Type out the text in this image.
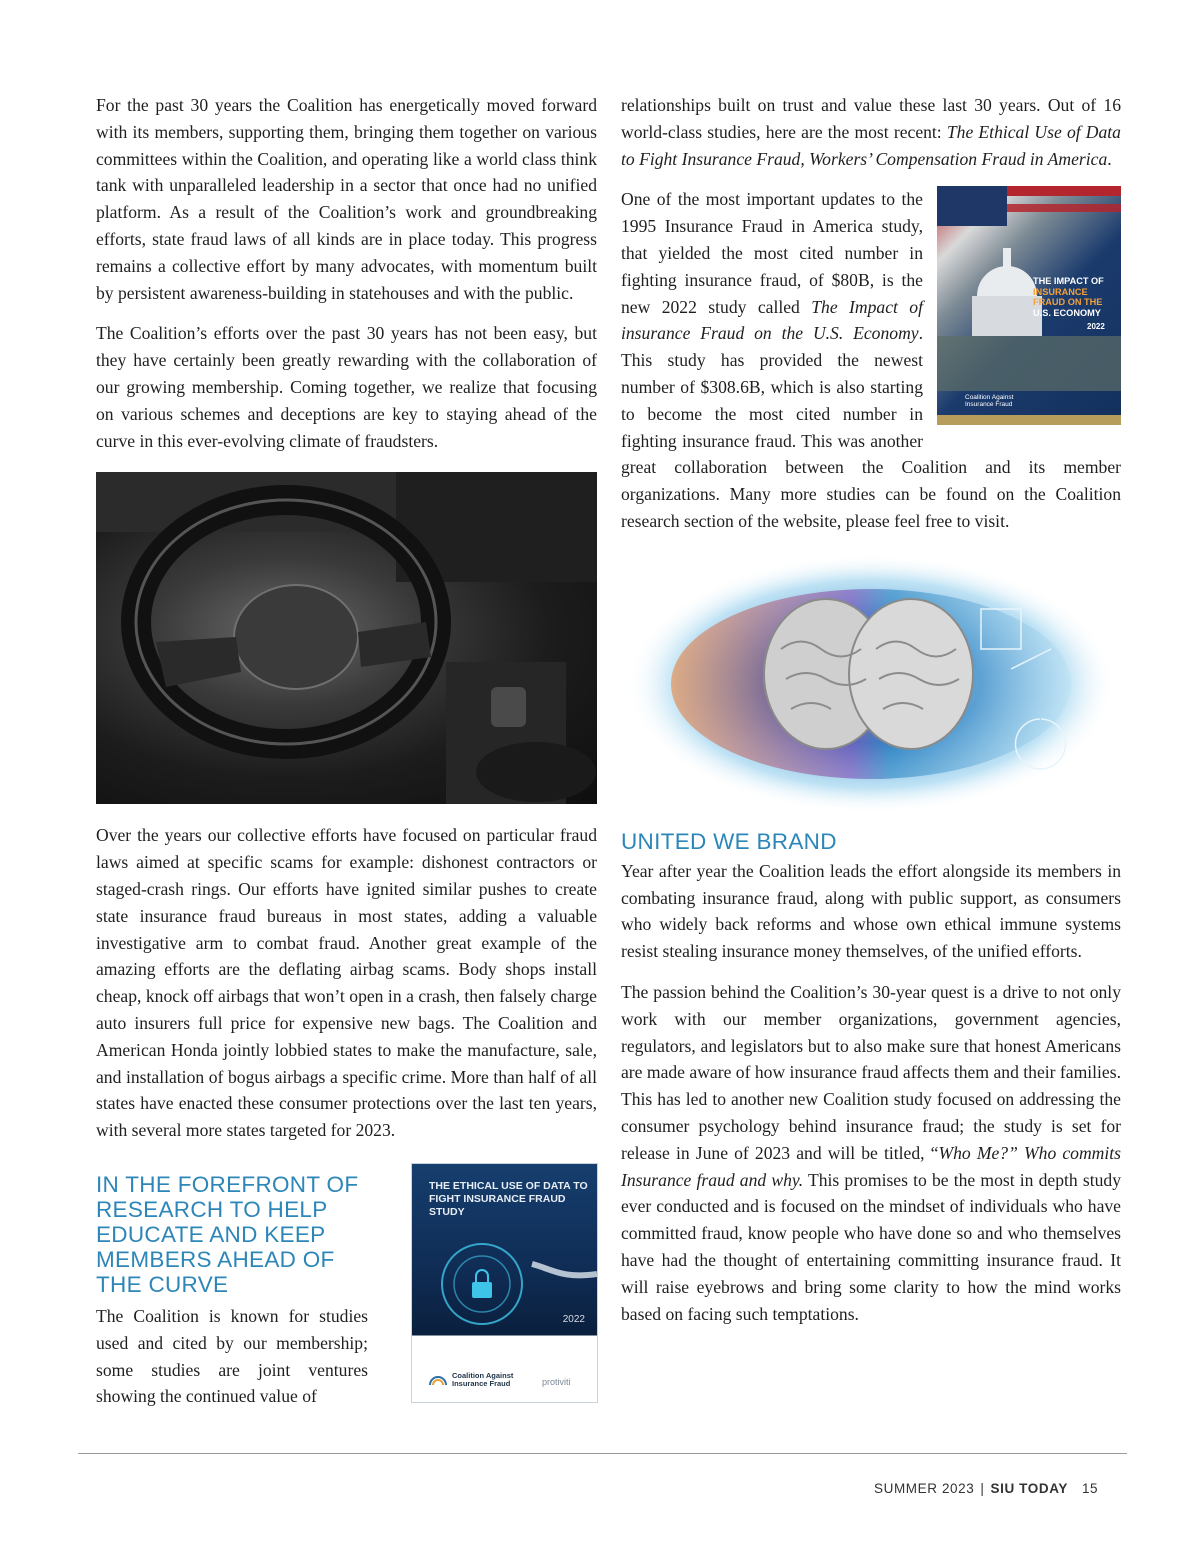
For the past 30 years the Coalition has energetically moved forward with its members, supporting them, bringing them together on various committees within the Coalition, and operating like a world class think tank with unparalleled leadership in a sector that once had no unified platform. As a result of the Coalition’s work and groundbreaking efforts, state fraud laws of all kinds are in place today. This progress remains a collective effort by many advocates, with momentum built by persistent awareness-building in statehouses and with the public.

The Coalition’s efforts over the past 30 years has not been easy, but they have certainly been greatly rewarding with the collaboration of our growing membership. Coming together, we realize that focusing on various schemes and deceptions are key to staying ahead of the curve in this ever-evolving climate of fraudsters.

Over the years our collective efforts have focused on particular fraud laws aimed at specific scams for example: dishonest contractors or staged-crash rings. Our efforts have ignited similar pushes to create state insurance fraud bureaus in most states, adding a valuable investigative arm to combat fraud. Another great example of the amazing efforts are the deflating airbag scams. Body shops install cheap, knock off airbags that won’t open in a crash, then falsely charge auto insurers full price for expensive new bags. The Coalition and American Honda jointly lobbied states to make the manufacture, sale, and installation of bogus airbags a specific crime. More than half of all states have enacted these consumer protections over the last ten years, with several more states targeted for 2023.

IN THE FOREFRONT OF RESEARCH TO HELP EDUCATE AND KEEP MEMBERS AHEAD OF THE CURVE

The Coalition is known for studies used and cited by our membership; some studies are joint ventures showing the continued value of

THE ETHICAL USE OF DATA TO FIGHT INSURANCE FRAUD STUDY
2022
Coalition Against Insurance Fraud	protiviti

relationships built on trust and value these last 30 years. Out of 16 world-class studies, here are the most recent: The Ethical Use of Data to Fight Insurance Fraud, Workers’ Compensation Fraud in America.

THE IMPACT OF
INSURANCE FRAUD ON THE
U.S. ECONOMY
2022
Coalition Against Insurance Fraud

One of the most important updates to the 1995 Insurance Fraud in America study, that yielded the most cited number in fighting insurance fraud, of $80B, is the new 2022 study called The Impact of insurance Fraud on the U.S. Economy. This study has provided the newest number of $308.6B, which is also starting to become the most cited number in fighting insurance fraud. This was another great collaboration between the Coalition and its member organizations. Many more studies can be found on the Coalition research section of the website, please feel free to visit.

UNITED WE BRAND

Year after year the Coalition leads the effort alongside its members in combating insurance fraud, along with public support, as consumers who widely back reforms and whose own ethical immune systems resist stealing insurance money themselves, of the unified efforts.

The passion behind the Coalition’s 30-year quest is a drive to not only work with our member organizations, government agencies, regulators, and legislators but to also make sure that honest Americans are made aware of how insurance fraud affects them and their families. This has led to another new Coalition study focused on addressing the consumer psychology behind insurance fraud; the study is set for release in June of 2023 and will be titled, “Who Me?” Who commits Insurance fraud and why. This promises to be the most in depth study ever conducted and is focused on the mindset of individuals who have committed fraud, know people who have done so and who themselves have had the thought of entertaining committing insurance fraud. It will raise eyebrows and bring some clarity to how the mind works based on facing such temptations.

SUMMER 2023 | SIU TODAY 15
